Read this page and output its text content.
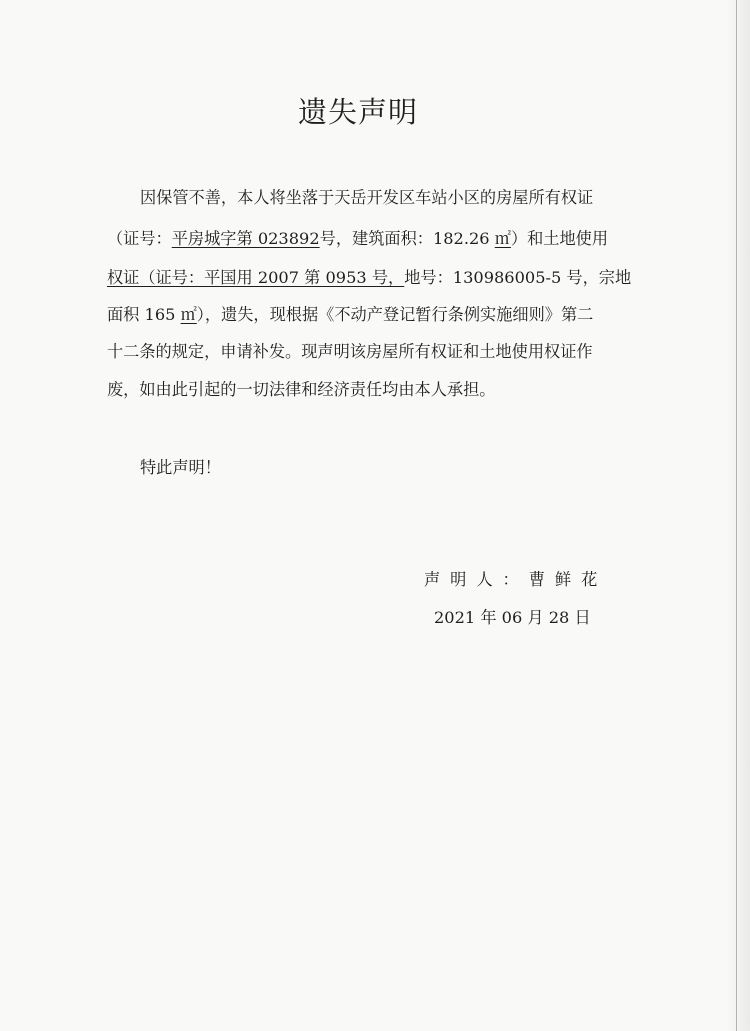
遗失声明
因保管不善，本人将坐落于天岳开发区车站小区的房屋所有权证
（证号：平房城字第 023892号，建筑面积：182.26 ㎡）和土地使用
权证（证号：平国用 2007 第 0953 号，地号：130986005-5 号，宗地
面积 165 ㎡），遗失，现根据《不动产登记暂行条例实施细则》第二
十二条的规定，申请补发。现声明该房屋所有权证和土地使用权证作
废，如由此引起的一切法律和经济责任均由本人承担。
特此声明！
声明人：曹鲜花
2021 年 06 月 28 日
